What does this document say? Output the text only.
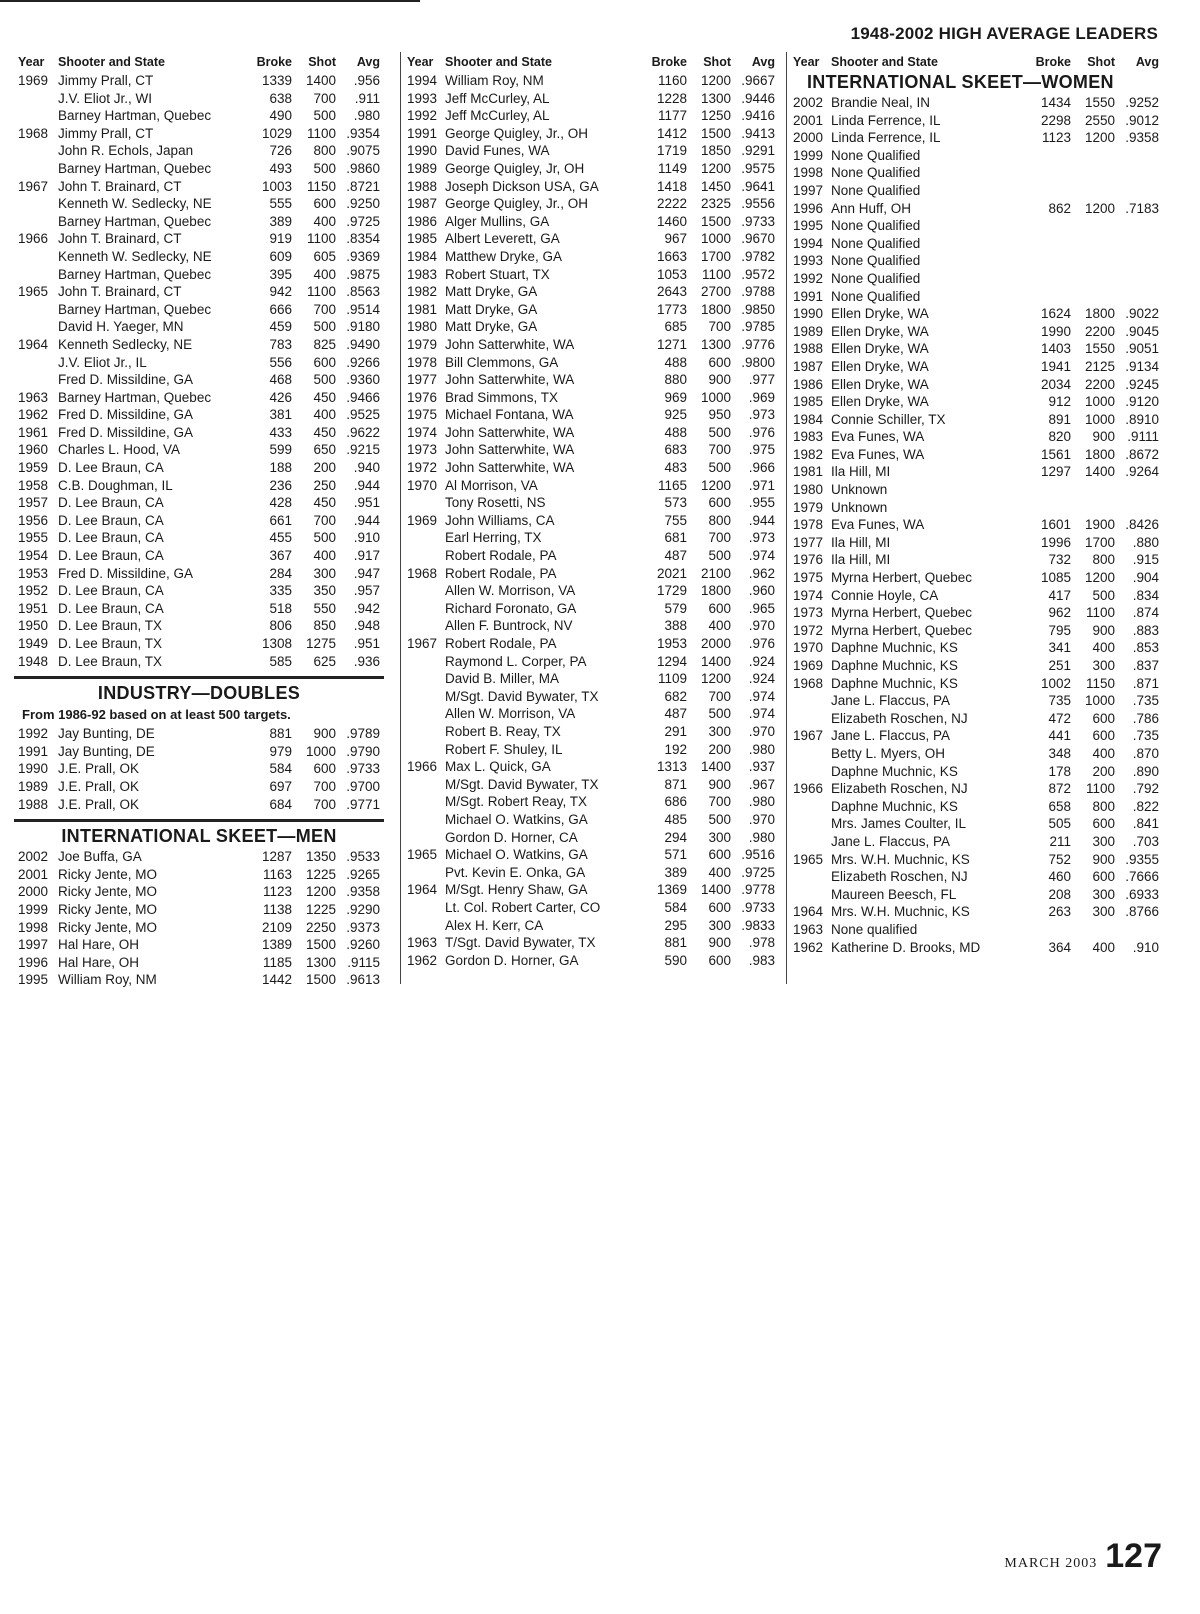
1948-2002 HIGH AVERAGE LEADERS
Year	Shooter and State	Broke	Shot	Avg
1969 Jimmy Prall, CT	1339	1400	.956
J.V. Eliot Jr., WI	638	700	.911
Barney Hartman, Quebec	490	500	.980
1968 Jimmy Prall, CT	1029	1100 .9354
John R. Echols, Japan	726	800 .9075
Barney Hartman, Quebec	493	500 .9860
1967 John T. Brainard, CT	1003	1150 .8721
Kenneth W. Sedlecky, NE	555	600 .9250
Barney Hartman, Quebec	389	400 .9725
1966 John T. Brainard, CT	919	1100 .8354
Kenneth W. Sedlecky, NE	609	605 .9369
Barney Hartman, Quebec	395	400 .9875
1965 John T. Brainard, CT	942	1100 .8563
Barney Hartman, Quebec	666	700 .9514
David H. Yaeger, MN	459	500 .9180
1964 Kenneth Sedlecky, NE	783	825 .9490
J.V. Eliot Jr., IL	556	600 .9266
Fred D. Missildine, GA	468	500 .9360
1963 Barney Hartman, Quebec	426	450 .9466
1962 Fred D. Missildine, GA	381	400 .9525
1961 Fred D. Missildine, GA	433	450 .9622
1960 Charles L. Hood, VA	599	650 .9215
1959 D. Lee Braun, CA	188	200	.940
1958 C.B. Doughman, IL	236	250	.944
1957 D. Lee Braun, CA	428	450	.951
1956 D. Lee Braun, CA	661	700	.944
1955 D. Lee Braun, CA	455	500	.910
1954 D. Lee Braun, CA	367	400	.917
1953 Fred D. Missildine, GA	284	300	.947
1952 D. Lee Braun, CA	335	350	.957
1951 D. Lee Braun, CA	518	550	.942
1950 D. Lee Braun, TX	806	850	.948
1949 D. Lee Braun, TX	1308	1275	.951
1948 D. Lee Braun, TX	585	625	.936
INDUSTRY—DOUBLES
From 1986-92 based on at least 500 targets.
1992 Jay Bunting, DE	881	900 .9789
1991 Jay Bunting, DE	979	1000 .9790
1990 J.E. Prall, OK	584	600 .9733
1989 J.E. Prall, OK	697	700 .9700
1988 J.E. Prall, OK	684	700 .9771
INTERNATIONAL SKEET—MEN
2002 Joe Buffa, GA	1287	1350 .9533
2001 Ricky Jente, MO	1163	1225 .9265
2000 Ricky Jente, MO	1123	1200 .9358
1999 Ricky Jente, MO	1138	1225 .9290
1998 Ricky Jente, MO	2109	2250 .9373
1997 Hal Hare, OH	1389	1500 .9260
1996 Hal Hare, OH	1185	1300 .9115
1995 William Roy, NM	1442	1500 .9613
Year Shooter and State	Broke	Shot	Avg
1994 William Roy, NM	1160	1200 .9667
1993 Jeff McCurley, AL	1228	1300 .9446
1992 Jeff McCurley, AL	1177	1250 .9416
1991 George Quigley, Jr., OH	1412	1500 .9413
1990 David Funes, WA	1719	1850 .9291
1989 George Quigley, Jr, OH	1149	1200 .9575
1988 Joseph Dickson USA, GA	1418	1450 .9641
1987 George Quigley, Jr., OH	2222	2325 .9556
1986 Alger Mullins, GA	1460	1500 .9733
1985 Albert Leverett, GA	967	1000 .9670
1984 Matthew Dryke, GA	1663	1700 .9782
1983 Robert Stuart, TX	1053	1100 .9572
1982 Matt Dryke, GA	2643	2700 .9788
1981 Matt Dryke, GA	1773	1800 .9850
1980 Matt Dryke, GA	685	700 .9785
1979 John Satterwhite, WA	1271	1300 .9776
1978 Bill Clemmons, GA	488	600 .9800
1977 John Satterwhite, WA	880	900	.977
1976 Brad Simmons, TX	969	1000	.969
1975 Michael Fontana, WA	925	950	.973
1974 John Satterwhite, WA	488	500	.976
1973 John Satterwhite, WA	683	700	.975
1972 John Satterwhite, WA	483	500	.966
1970 Al Morrison, VA	1165	1200	.971
Tony Rosetti, NS	573	600	.955
1969 John Williams, CA	755	800	.944
Earl Herring, TX	681	700	.973
Robert Rodale, PA	487	500	.974
1968 Robert Rodale, PA	2021	2100	.962
Allen W. Morrison, VA	1729	1800	.960
Richard Foronato, GA	579	600	.965
Allen F. Buntrock, NV	388	400	.970
1967 Robert Rodale, PA	1953	2000	.976
Raymond L. Corper, PA	1294	1400	.924
David B. Miller, MA	1109	1200	.924
M/Sgt. David Bywater, TX	682	700	.974
Allen W. Morrison, VA	487	500	.974
Robert B. Reay, TX	291	300	.970
Robert F. Shuley, IL	192	200	.980
1966 Max L. Quick, GA	1313	1400	.937
M/Sgt. David Bywater, TX	871	900	.967
M/Sgt. Robert Reay, TX	686	700	.980
Michael O. Watkins, GA	485	500	.970
Gordon D. Horner, CA	294	300	.980
1965 Michael O. Watkins, GA	571	600 .9516
Pvt. Kevin E. Onka, GA	389	400 .9725
1964 M/Sgt. Henry Shaw, GA	1369	1400 .9778
Lt. Col. Robert Carter, CO	584	600 .9733
Alex H. Kerr, CA	295	300 .9833
1963 T/Sgt. David Bywater, TX	881	900	.978
1962 Gordon D. Horner, GA	590	600	.983
Year Shooter and State	Broke	Shot	Avg
INTERNATIONAL SKEET—WOMEN
2002 Brandie Neal, IN	1434	1550 .9252
2001 Linda Ferrence, IL	2298	2550 .9012
2000 Linda Ferrence, IL	1123	1200 .9358
1999 None Qualified
1998 None Qualified
1997 None Qualified
1996 Ann Huff, OH	862	1200 .7183
1995 None Qualified
1994 None Qualified
1993 None Qualified
1992 None Qualified
1991 None Qualified
1990 Ellen Dryke, WA	1624	1800 .9022
1989 Ellen Dryke, WA	1990	2200 .9045
1988 Ellen Dryke, WA	1403	1550 .9051
1987 Ellen Dryke, WA	1941	2125 .9134
1986 Ellen Dryke, WA	2034	2200 .9245
1985 Ellen Dryke, WA	912	1000 .9120
1984 Connie Schiller, TX	891	1000 .8910
1983 Eva Funes, WA	820	900 .9111
1982 Eva Funes, WA	1561	1800 .8672
1981 Ila Hill, MI	1297	1400 .9264
1980 Unknown
1979 Unknown
1978 Eva Funes, WA	1601	1900 .8426
1977 Ila Hill, MI	1996	1700	.880
1976 Ila Hill, MI	732	800	.915
1975 Myrna Herbert, Quebec	1085	1200	.904
1974 Connie Hoyle, CA	417	500	.834
1973 Myrna Herbert, Quebec	962	1100	.874
1972 Myrna Herbert, Quebec	795	900	.883
1970 Daphne Muchnic, KS	341	400	.853
1969 Daphne Muchnic, KS	251	300	.837
1968 Daphne Muchnic, KS	1002	1150	.871
Jane L. Flaccus, PA	735	1000	.735
Elizabeth Roschen, NJ	472	600	.786
1967 Jane L. Flaccus, PA	441	600	.735
Betty L. Myers, OH	348	400	.870
Daphne Muchnic, KS	178	200	.890
1966 Elizabeth Roschen, NJ	872	1100	.792
Daphne Muchnic, KS	658	800	.822
Mrs. James Coulter, IL	505	600	.841
Jane L. Flaccus, PA	211	300	.703
1965 Mrs. W.H. Muchnic, KS	752	900 .9355
Elizabeth Roschen, NJ	460	600 .7666
Maureen Beesch, FL	208	300 .6933
1964 Mrs. W.H. Muchnic, KS	263	300 .8766
1963 None qualified
1962 Katherine D. Brooks, MD	364	400	.910
MARCH 2003 127
